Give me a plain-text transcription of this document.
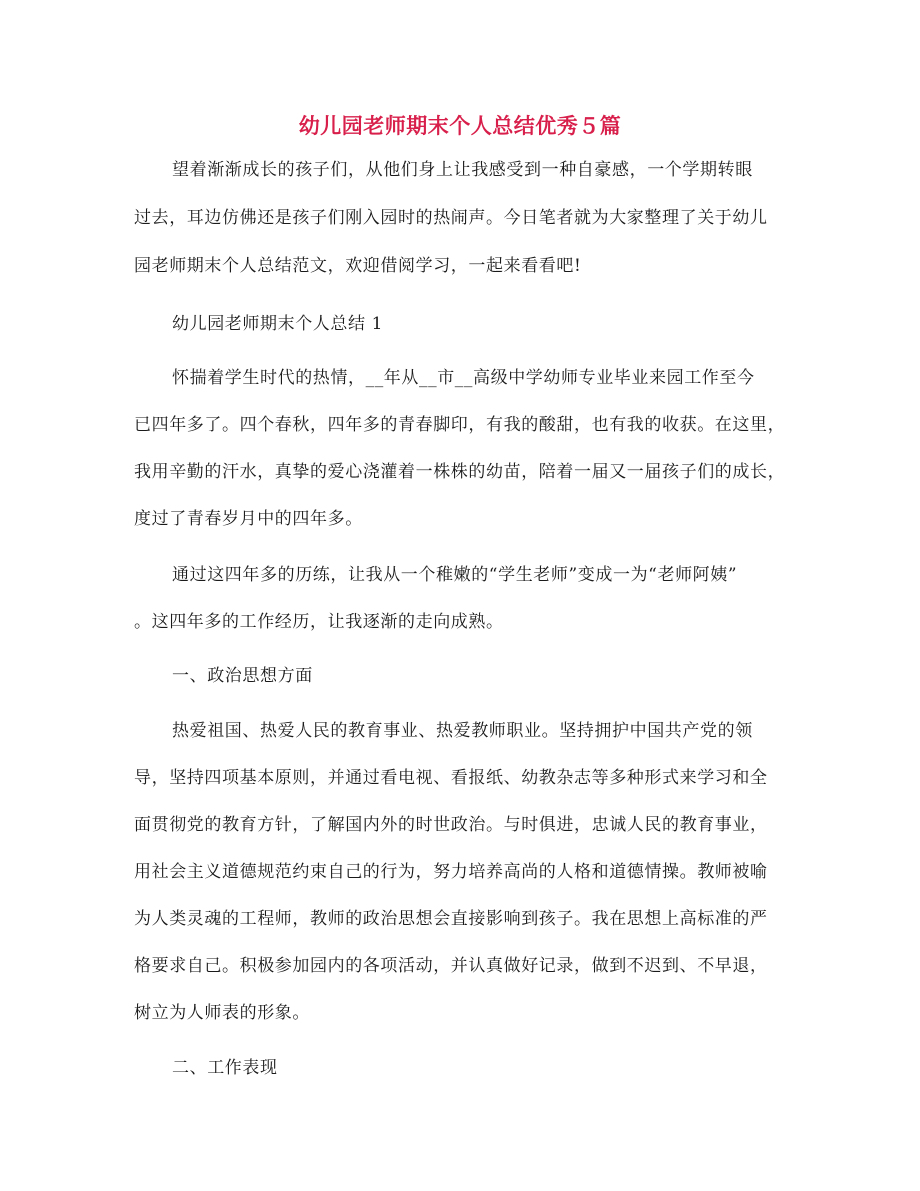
幼儿园老师期末个人总结优秀５篇
望着渐渐成长的孩子们，从他们身上让我感受到一种自豪感，一个学期转眼
过去，耳边仿佛还是孩子们刚入园时的热闹声。今日笔者就为大家整理了关于幼儿
园老师期末个人总结范文，欢迎借阅学习，一起来看看吧!
幼儿园老师期末个人总结 1
怀揣着学生时代的热情，__年从__市__高级中学幼师专业毕业来园工作至今
已四年多了。四个春秋，四年多的青春脚印，有我的酸甜，也有我的收获。在这里，
我用辛勤的汗水，真挚的爱心浇灌着一株株的幼苗，陪着一届又一届孩子们的成长，
度过了青春岁月中的四年多。
通过这四年多的历练，让我从一个稚嫩的“学生老师”变成一为“老师阿姨”
。这四年多的工作经历，让我逐渐的走向成熟。
一、政治思想方面
热爱祖国、热爱人民的教育事业、热爱教师职业。坚持拥护中国共产党的领
导，坚持四项基本原则，并通过看电视、看报纸、幼教杂志等多种形式来学习和全
面贯彻党的教育方针，了解国内外的时世政治。与时俱进，忠诚人民的教育事业，
用社会主义道德规范约束自己的行为，努力培养高尚的人格和道德情操。教师被喻
为人类灵魂的工程师，教师的政治思想会直接影响到孩子。我在思想上高标准的严
格要求自己。积极参加园内的各项活动，并认真做好记录，做到不迟到、不早退，
树立为人师表的形象。
二、工作表现
